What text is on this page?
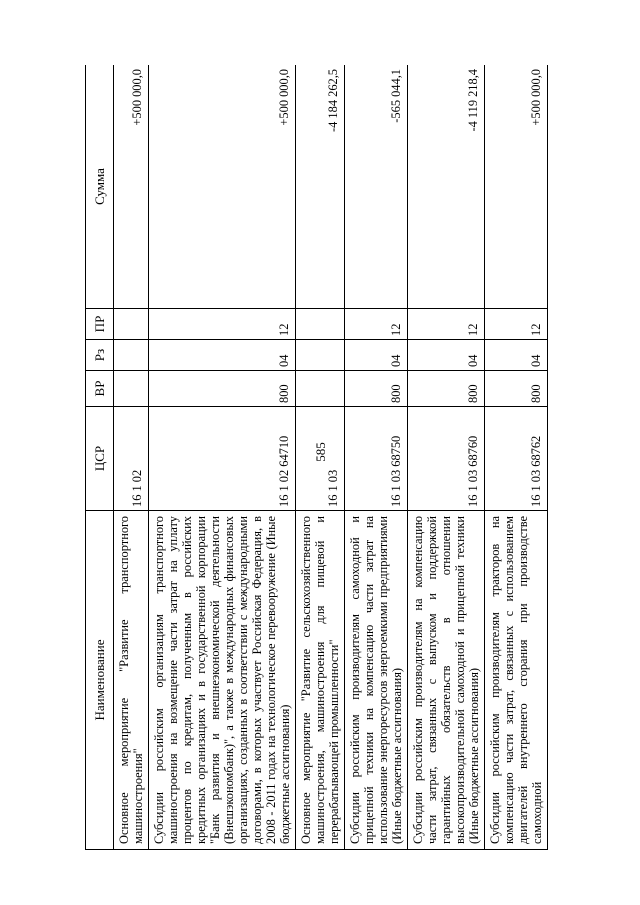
585
Наименование	ЦСР	ВР	Рз	ПР	Сумма
Основное мероприятие "Развитие транспортного машиностроения"	16 1 02				+500 000,0
Субсидии российским организациям транспортного машиностроения на возмещение части затрат на уплату процентов по кредитам, полученным в российских кредитных организациях и в государственной корпорации "Банк развития и внешнеэкономической деятельности (Внешэкономбанк)", а также в международных финансовых организациях, созданных в соответствии с международными договорами, в которых участвует Российская Федерация, в 2008 - 2011 годах на технологическое перевооружение (Иные бюджетные ассигнования)	16 1 02 64710	800	04	12	+500 000,0
Основное мероприятие "Развитие сельскохозяйственного машиностроения, машиностроения для пищевой и перерабатывающей промышленности"	16 1 03				-4 184 262,5
Субсидии российским производителям самоходной и прицепной техники на компенсацию части затрат на использование энергоресурсов энергоемкими предприятиями (Иные бюджетные ассигнования)	16 1 03 68750	800	04	12	-565 044,1
Субсидии российским производителям на компенсацию части затрат, связанных с выпуском и поддержкой гарантийных обязательств в отношении высокопроизводительной самоходной и прицепной техники (Иные бюджетные ассигнования)	16 1 03 68760	800	04	12	-4 119 218,4
Субсидии российским производителям тракторов на компенсацию части затрат, связанных с использованием двигателей внутреннего сгорания при производстве самоходной	16 1 03 68762	800	04	12	+500 000,0
